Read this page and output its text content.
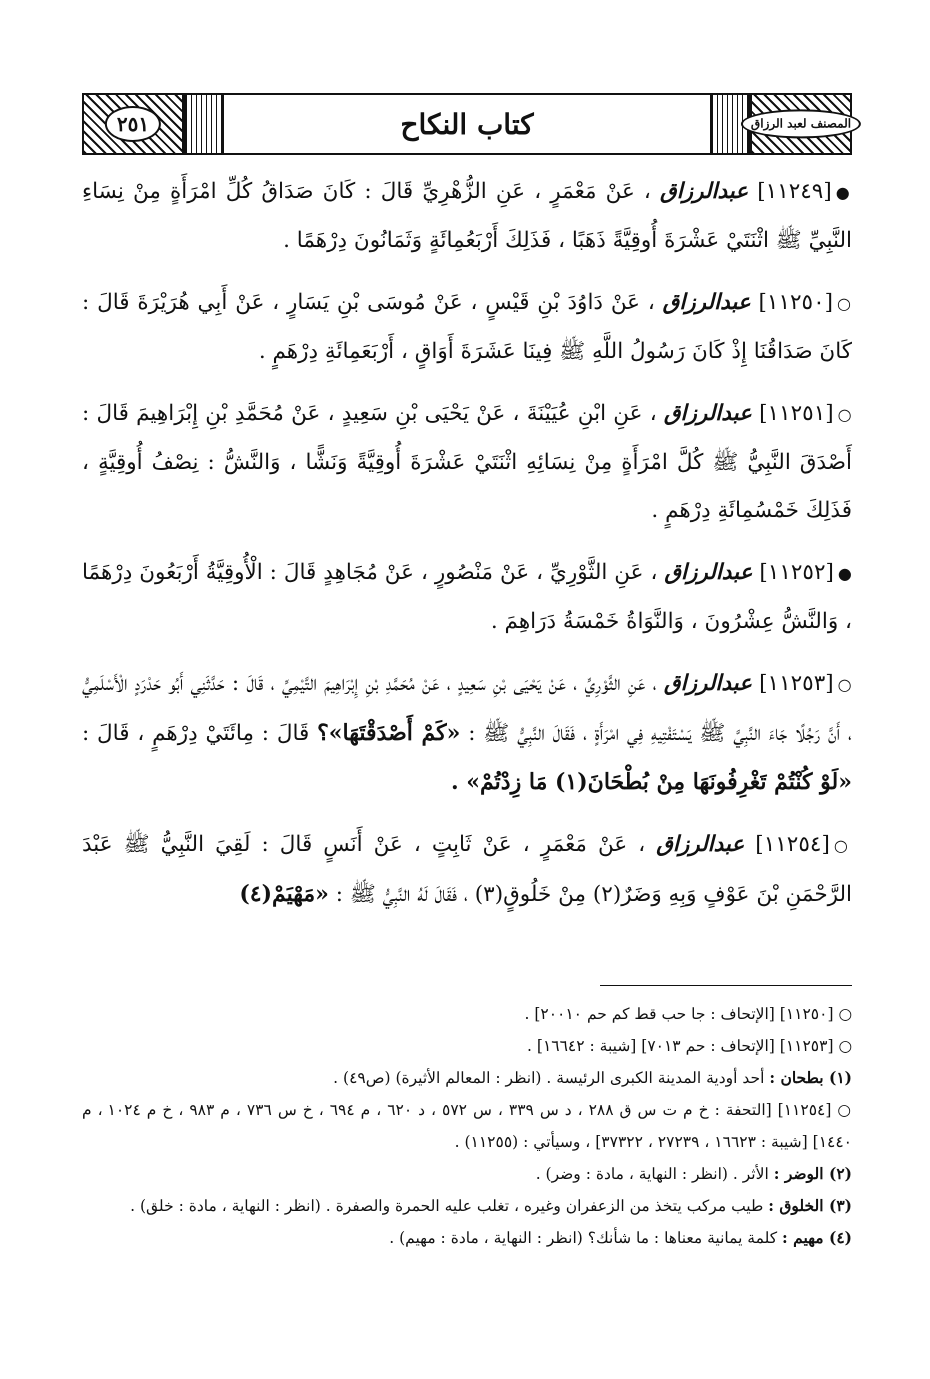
٢٥١	كتاب النكاح	المصنف لعبد الرزاق

●[١١٢٤٩] عبدالرزاق ، عَنْ مَعْمَرٍ ، عَنِ الزُّهْرِيِّ قَالَ : كَانَ صَدَاقُ كُلِّ امْرَأَةٍ مِنْ نِسَاءِ النَّبِيِّ ﷺ اثْنَتَيْ عَشْرَةَ أُوقِيَّةً ذَهَبًا ، فَذَلِكَ أَرْبَعُمِائَةٍ وَثَمَانُونَ دِرْهَمًا .

○[١١٢٥٠] عبدالرزاق ، عَنْ دَاوُدَ بْنِ قَيْسٍ ، عَنْ مُوسَى بْنِ يَسَارٍ ، عَنْ أَبِي هُرَيْرَةَ قَالَ : كَانَ صَدَاقُنَا إِذْ كَانَ رَسُولُ اللَّهِ ﷺ فِينَا عَشَرَةَ أَوَاقٍ ، أَرْبَعَمِائَةِ دِرْهَمٍ .

○[١١٢٥١] عبدالرزاق ، عَنِ ابْنِ عُيَيْنَةَ ، عَنْ يَحْيَى بْنِ سَعِيدٍ ، عَنْ مُحَمَّدِ بْنِ إِبْرَاهِيمَ قَالَ : أَصْدَقَ النَّبِيُّ ﷺ كُلَّ امْرَأَةٍ مِنْ نِسَائِهِ اثْنَتَيْ عَشْرَةَ أُوقِيَّةً وَنَشًّا ، وَالنَّشُّ : نِصْفُ أُوقِيَّةٍ ، فَذَلِكَ خَمْسُمِائَةِ دِرْهَمٍ .

●[١١٢٥٢] عبدالرزاق ، عَنِ الثَّوْرِيِّ ، عَنْ مَنْصُورٍ ، عَنْ مُجَاهِدٍ قَالَ : الْأُوقِيَّةُ أَرْبَعُونَ دِرْهَمًا ، وَالنَّشُّ عِشْرُونَ ، وَالنَّوَاةُ خَمْسَةُ دَرَاهِمَ .

○[١١٢٥٣] عبدالرزاق ، عَنِ الثَّوْرِيِّ ، عَنْ يَحْيَى بْنِ سَعِيدٍ ، عَنْ مُحَمَّدِ بْنِ إِبْرَاهِيمَ التَّيْمِيِّ ، قَالَ : حَدَّثَنِي أَبُو حَدْرَدٍ الْأَسْلَمِيُّ ، أَنَّ رَجُلًا جَاءَ النَّبِيَّ ﷺ يَسْتَفْتِيهِ فِي امْرَأَةٍ ، فَقَالَ النَّبِيُّ ﷺ : «كَمْ أَصْدَقْتَهَا»؟ قَالَ : مِائَتَيْ دِرْهَمٍ ، قَالَ : «لَوْ كُنْتُمْ تَغْرِفُونَهَا مِنْ بُطْحَانَ(١) مَا زِدْتُمْ» .

○[١١٢٥٤] عبدالرزاق ، عَنْ مَعْمَرٍ ، عَنْ ثَابِتٍ ، عَنْ أَنَسٍ قَالَ : لَقِيَ النَّبِيُّ ﷺ عَبْدَ الرَّحْمَنِ بْنَ عَوْفٍ وَبِهِ وَضَرٌ(٢) مِنْ خَلُوقٍ(٣) ، فَقَالَ لَهُ النَّبِيُّ ﷺ : «مَهْيَمْ(٤)

○ [١١٢٥٠] [الإتحاف : جا حب قط كم حم ٢٠٠١٠] .

○ [١١٢٥٣] [الإتحاف : حم ٧٠١٣] [شيبة : ١٦٦٤٢] .

(١) بطحان : أحد أودية المدينة الكبرى الرئيسة . (انظر : المعالم الأثيرة) (ص٤٩) .

○ [١١٢٥٤] [التحفة : خ م ت س ق ٢٨٨ ، د س ٣٣٩ ، س ٥٧٢ ، د ٦٢٠ ، م ٦٩٤ ، خ س ٧٣٦ ، م ٩٨٣ ، خ م ١٠٢٤ ، م ١٤٤٠] [شيبة : ١٦٦٢٣ ، ٢٧٢٣٩ ، ٣٧٣٢٢] ، وسيأتي : (١١٢٥٥) .

(٢) الوضر : الأثر . (انظر : النهاية ، مادة : وضر) .

(٣) الخلوق : طيب مركب يتخذ من الزعفران وغيره ، تغلب عليه الحمرة والصفرة . (انظر : النهاية ، مادة : خلق) .

(٤) مهيم : كلمة يمانية معناها : ما شأنك؟ (انظر : النهاية ، مادة : مهيم) .
